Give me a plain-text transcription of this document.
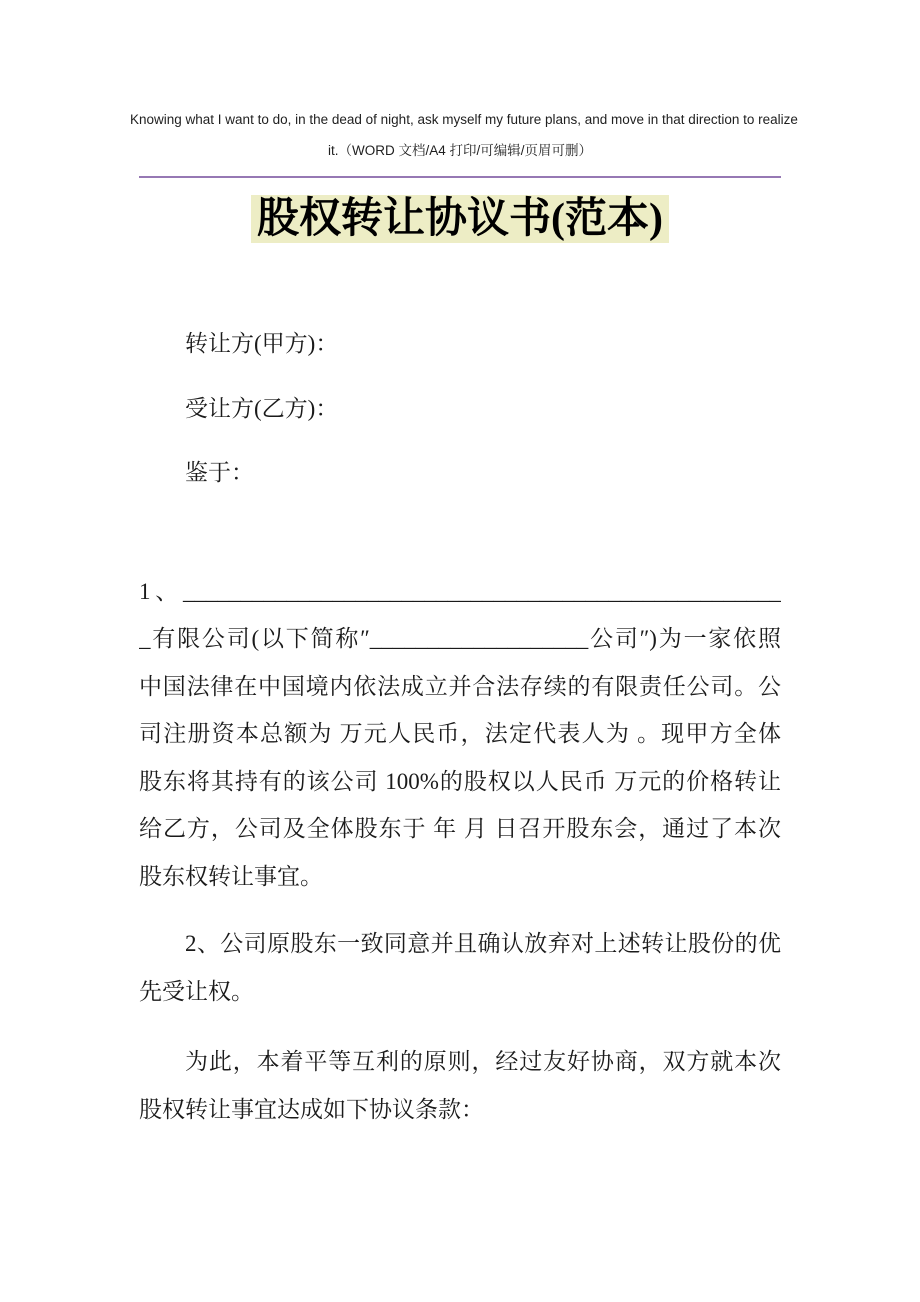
Knowing what I want to do, in the dead of night, ask myself my future plans, and move in that direction to realize
it.（WORD 文档/A4 打印/可编辑/页眉可删）
股权转让协议书(范本)

转让方(甲方)：

受让方(乙方)：

鉴于：

1、____________________________________________________
_有限公司(以下简称″___________________公司″)为一家依照
中国法律在中国境内依法成立并合法存续的有限责任公司。公
司注册资本总额为 万元人民币，法定代表人为 。现甲方全体
股东将其持有的该公司 100%的股权以人民币 万元的价格转让
给乙方，公司及全体股东于 年 月 日召开股东会，通过了本次
股东权转让事宜。

2、公司原股东一致同意并且确认放弃对上述转让股份的优
先受让权。

为此，本着平等互利的原则，经过友好协商，双方就本次
股权转让事宜达成如下协议条款：
